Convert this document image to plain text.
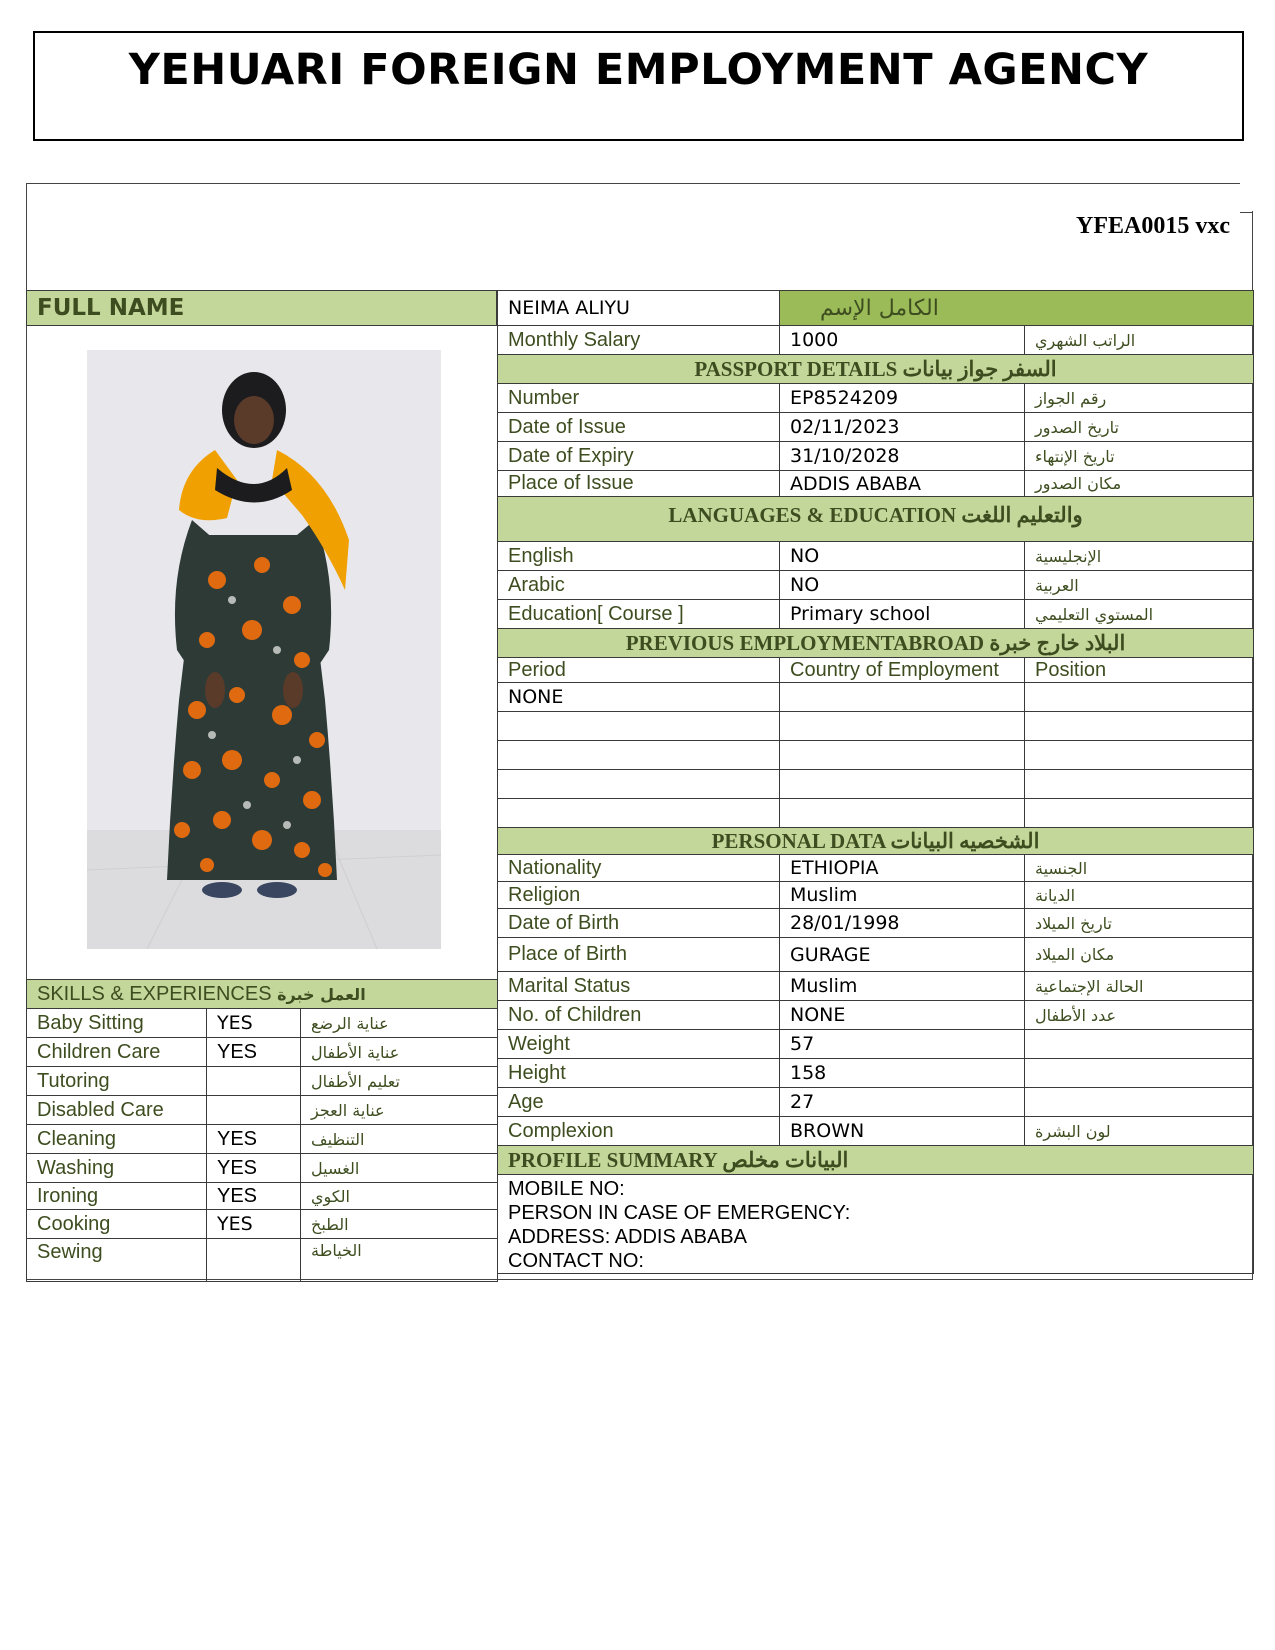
YEHUARI FOREIGN EMPLOYMENT AGENCY
YFEA0015 vxc
FULL NAME	NEIMA ALIYU	الكامل الإسم	
Monthly Salary	1000	الراتب الشهري
PASSPORT DETAILS السفر جواز بيانات		
Number	EP8524209	رقم الجواز
Date of Issue	02/11/2023	تاريخ الصدور
Date of Expiry	31/10/2028	تاريخ الإنتهاء
Place of Issue	ADDIS ABABA	مكان الصدور
LANGUAGES & EDUCATION والتعليم اللغت		
English	NO	الإنجليسية
Arabic	NO	العربية
Education[ Course ]	Primary school	المستوي التعليمي
PREVIOUS EMPLOYMENTABROAD البلاد خارج خبرة		
Period	Country of Employment	Position
NONE		

PERSONAL DATA الشخصيه البيانات		
Nationality	ETHIOPIA	الجنسية
Religion	Muslim	الديانة
Date of Birth	28/01/1998	تاريخ الميلاد
Place of Birth	GURAGE	مكان الميلاد
Marital Status	Muslim	الحالة الإجتماعية
No. of Children	NONE	عدد الأطفال
Weight	57	
Height	158	
Age	27	
Complexion	BROWN	لون البشرة
PROFILE SUMMARY البيانات مخلص		

MOBILE NO:
PERSON IN CASE OF EMERGENCY:
ADDRESS: ADDIS ABABA
CONTACT NO:		
SKILLS & EXPERIENCES العمل خبرة		
Baby Sitting	YES	عناية الرضع
Children Care	YES	عناية الأطفال
Tutoring		تعليم الأطفال
Disabled Care		عناية العجز
Cleaning	YES	التنظيف
Washing	YES	الغسيل
Ironing	YES	الكوي
Cooking	YES	الطبخ
Sewing		الخياطة
